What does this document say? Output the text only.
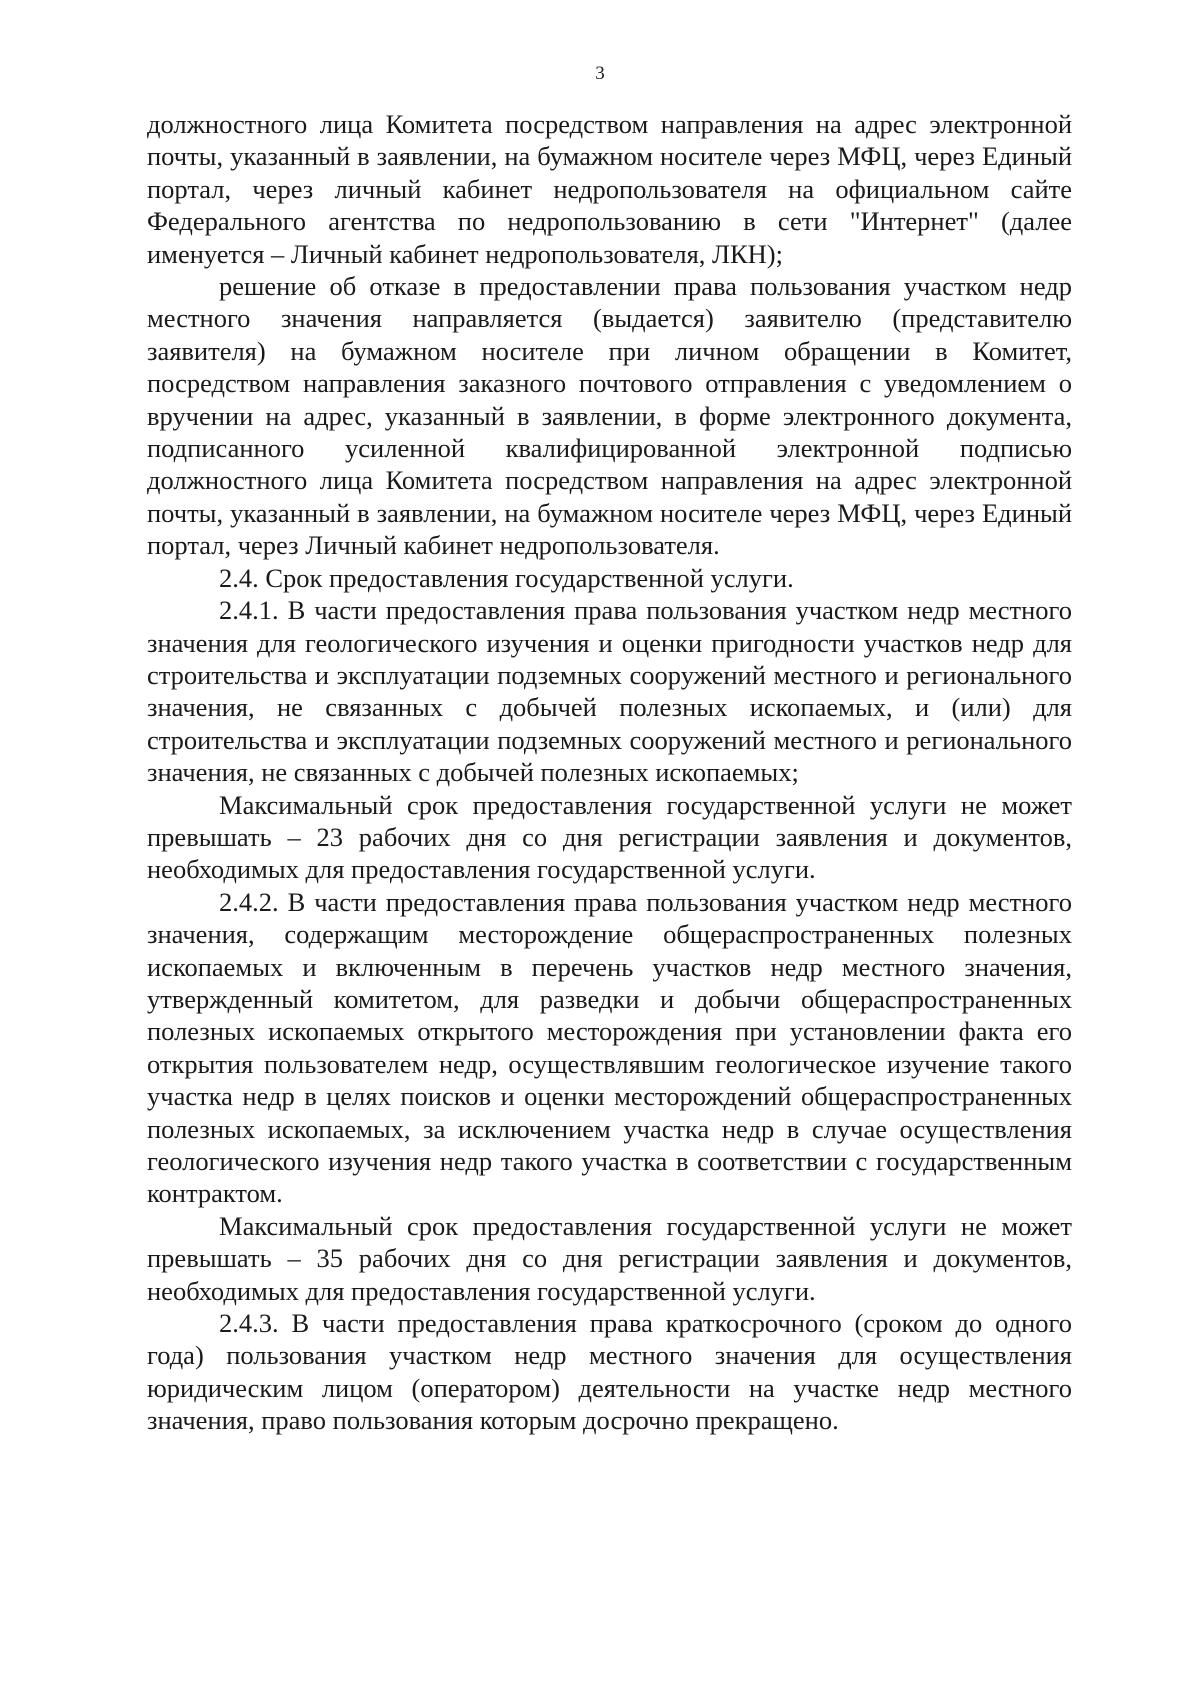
3

должностного лица Комитета посредством направления на адрес электронной почты, указанный в заявлении, на бумажном носителе через МФЦ, через Единый портал, через личный кабинет недропользователя на официальном сайте Федерального агентства по недропользованию в сети "Интернет" (далее именуется – Личный кабинет недропользователя, ЛКН);

решение об отказе в предоставлении права пользования участком недр местного значения направляется (выдается) заявителю (представителю заявителя) на бумажном носителе при личном обращении в Комитет, посредством направления заказного почтового отправления с уведомлением о вручении на адрес, указанный в заявлении, в форме электронного документа, подписанного усиленной квалифицированной электронной подписью должностного лица Комитета посредством направления на адрес электронной почты, указанный в заявлении, на бумажном носителе через МФЦ, через Единый портал, через Личный кабинет недропользователя.

2.4. Срок предоставления государственной услуги.

2.4.1. В части предоставления права пользования участком недр местного значения для геологического изучения и оценки пригодности участков недр для строительства и эксплуатации подземных сооружений местного и регионального значения, не связанных с добычей полезных ископаемых, и (или) для строительства и эксплуатации подземных сооружений местного и регионального значения, не связанных с добычей полезных ископаемых;

Максимальный срок предоставления государственной услуги не может превышать – 23 рабочих дня со дня регистрации заявления и документов, необходимых для предоставления государственной услуги.

2.4.2. В части предоставления права пользования участком недр местного значения, содержащим месторождение общераспространенных полезных ископаемых и включенным в перечень участков недр местного значения, утвержденный комитетом, для разведки и добычи общераспространенных полезных ископаемых открытого месторождения при установлении факта его открытия пользователем недр, осуществлявшим геологическое изучение такого участка недр в целях поисков и оценки месторождений общераспространенных полезных ископаемых, за исключением участка недр в случае осуществления геологического изучения недр такого участка в соответствии с государственным контрактом.

Максимальный срок предоставления государственной услуги не может превышать – 35 рабочих дня со дня регистрации заявления и документов, необходимых для предоставления государственной услуги.

2.4.3. В части предоставления права краткосрочного (сроком до одного года) пользования участком недр местного значения для осуществления юридическим лицом (оператором) деятельности на участке недр местного значения, право пользования которым досрочно прекращено.
